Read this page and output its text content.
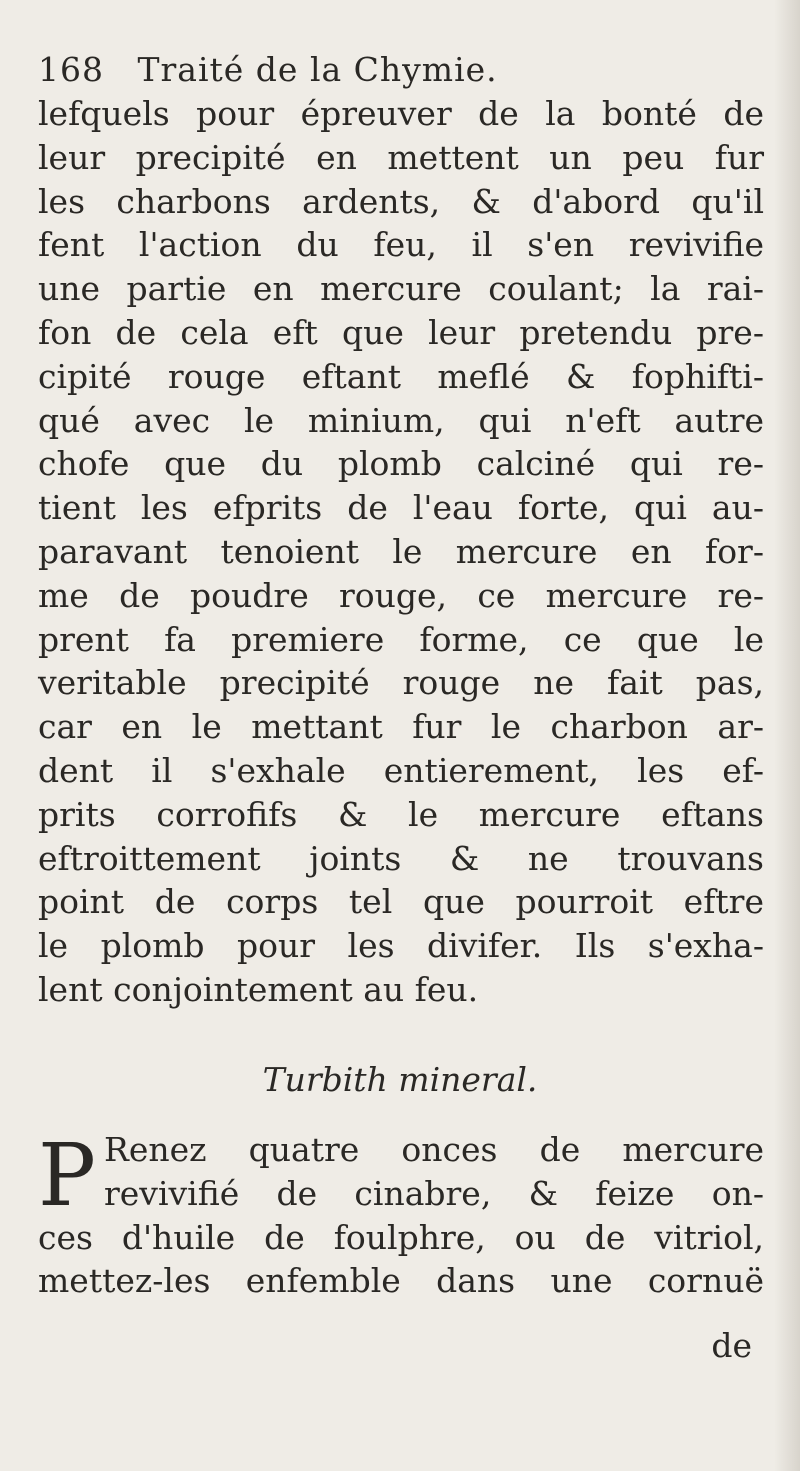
168 Traité de la Chymie.
lefquels pour épreuver de la bonté de
leur precipité en mettent un peu fur
les charbons ardents, & d'abord qu'il
fent l'action du feu, il s'en revivifie
une partie en mercure coulant; la rai-
fon de cela eft que leur pretendu pre-
cipité rouge eftant meflé & fophifti-
qué avec le minium, qui n'eft autre
chofe que du plomb calciné qui re-
tient les efprits de l'eau forte, qui au-
paravant tenoient le mercure en for-
me de poudre rouge, ce mercure re-
prent fa premiere forme, ce que le
veritable precipité rouge ne fait pas,
car en le mettant fur le charbon ar-
dent il s'exhale entierement, les ef-
prits corrofifs & le mercure eftans
eftroittement joints & ne trouvans
point de corps tel que pourroit eftre
le plomb pour les divifer. Ils s'exha-
lent conjointement au feu.
Turbith mineral.
P Renez quatre onces de mercure
revivifié de cinabre, & feize on-
ces d'huile de foulphre, ou de vitriol,
mettez-les enfemble dans une cornuë
de
